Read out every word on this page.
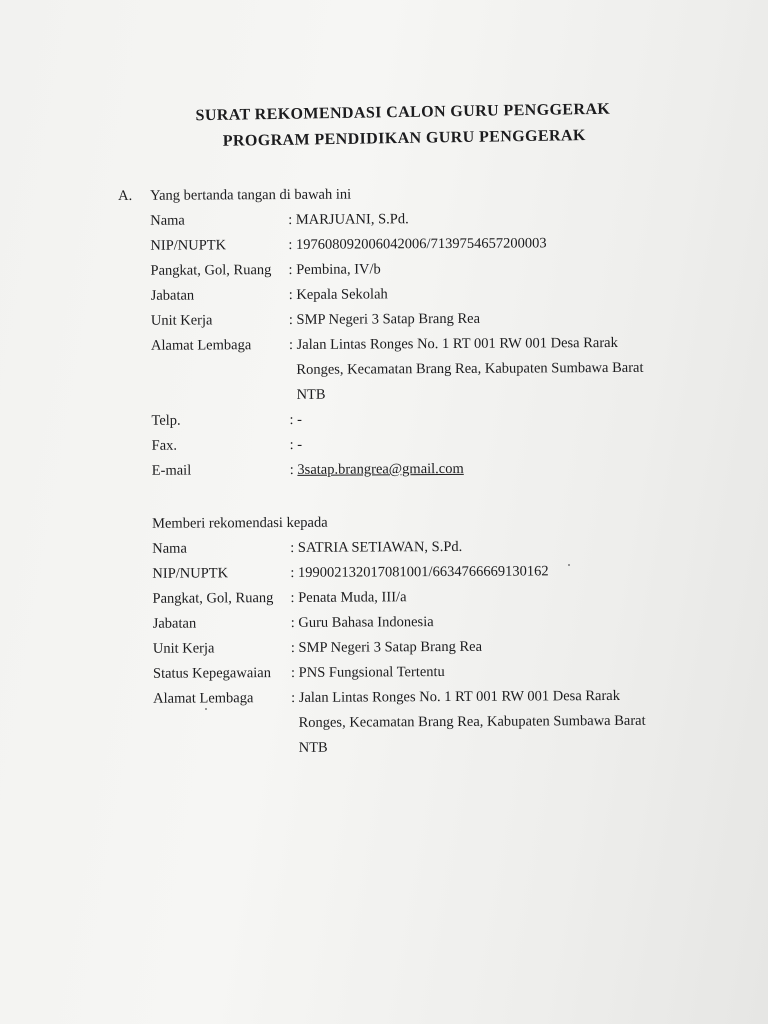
SURAT REKOMENDASI CALON GURU PENGGERAK

PROGRAM PENDIDIKAN GURU PENGGERAK

A.	Yang bertanda tangan di bawah ini
Nama	: MARJUANI, S.Pd.
NIP/NUPTK	: 197608092006042006/7139754657200003
Pangkat, Gol, Ruang	: Pembina, IV/b
Jabatan	: Kepala Sekolah
Unit Kerja	: SMP Negeri 3 Satap Brang Rea
Alamat Lembaga	: Jalan Lintas Ronges No. 1 RT 001 RW 001 Desa Rarak
Ronges, Kecamatan Brang Rea, Kabupaten Sumbawa Barat
NTB
Telp.	: -
Fax.	: -
E-mail	: 3satap.brangrea@gmail.com
Memberi rekomendasi kepada
Nama	: SATRIA SETIAWAN, S.Pd.
NIP/NUPTK	: 199002132017081001/6634766669130162
Pangkat, Gol, Ruang	: Penata Muda, III/a
Jabatan	: Guru Bahasa Indonesia
Unit Kerja	: SMP Negeri 3 Satap Brang Rea
Status Kepegawaian	: PNS Fungsional Tertentu
Alamat Lembaga	: Jalan Lintas Ronges No. 1 RT 001 RW 001 Desa Rarak
Ronges, Kecamatan Brang Rea, Kabupaten Sumbawa Barat
NTB
